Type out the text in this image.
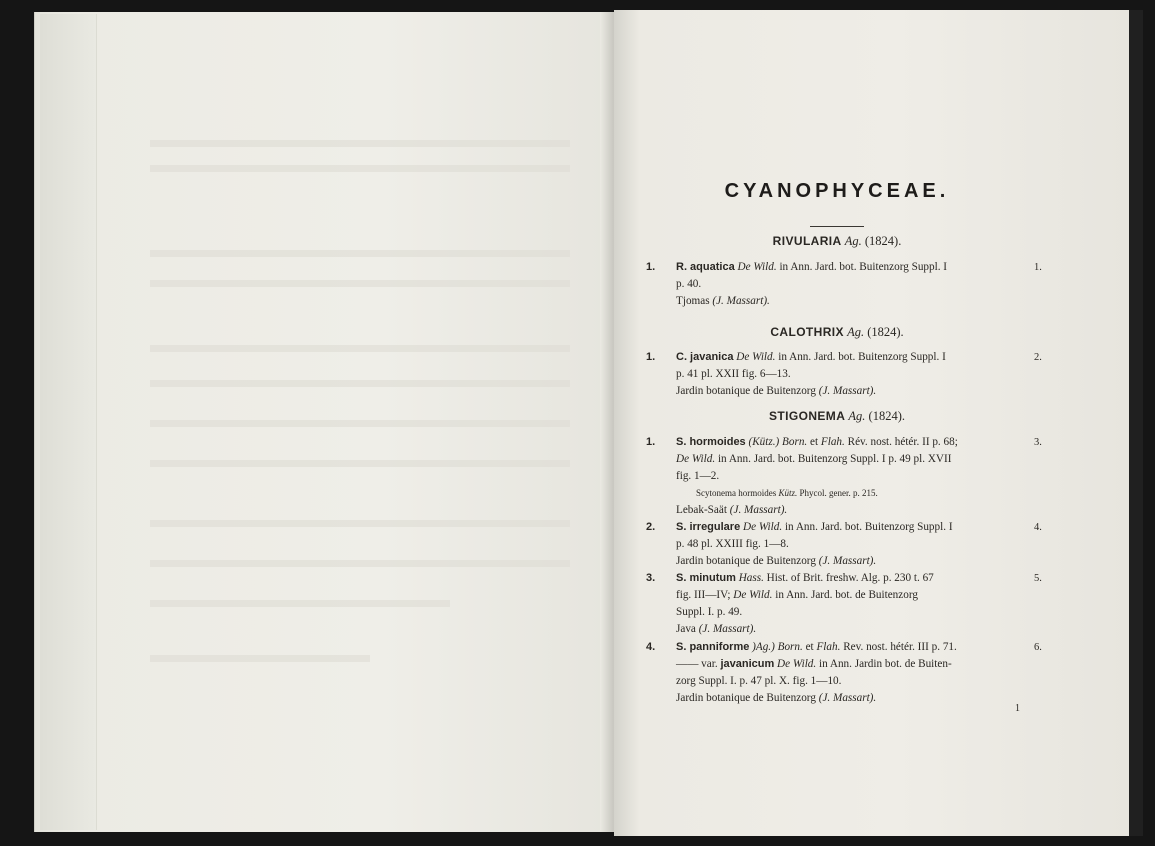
CYANOPHYCEAE.
RIVULARIA Ag. (1824).
1. R. aquatica De Wild. in Ann. Jard. bot. Buitenzorg Suppl. I
p. 40.
Tjomas (J. Massart).
1.
CALOTHRIX Ag. (1824).
1. C. javanica De Wild. in Ann. Jard. bot. Buitenzorg Suppl. I
p. 41 pl. XXII fig. 6—13.
Jardin botanique de Buitenzorg (J. Massart).
2.
STIGONEMA Ag. (1824).
1. S. hormoides (Kütz.) Born. et Flah. Rév. nost. hétér. II p. 68;
De Wild. in Ann. Jard. bot. Buitenzorg Suppl. I p. 49 pl. XVII
fig. 1—2.
Scytonema hormoides Kütz. Phycol. gener. p. 215.
Lebak-Saät (J. Massart).
3.
2. S. irregulare De Wild. in Ann. Jard. bot. Buitenzorg Suppl. I
p. 48 pl. XXIII fig. 1—8.
Jardin botanique de Buitenzorg (J. Massart).
4.
3. S. minutum Hass. Hist. of Brit. freshw. Alg. p. 230 t. 67
fig. III—IV; De Wild. in Ann. Jard. bot. de Buitenzorg
Suppl. I. p. 49.
Java (J. Massart).
5.
4. S. panniforme )Ag.) Born. et Flah. Rev. nost. hétér. III p. 71.
—— var. javanicum De Wild. in Ann. Jardin bot. de Buiten-
zorg Suppl. I. p. 47 pl. X. fig. 1—10.
Jardin botanique de Buitenzorg (J. Massart).
6.
1
